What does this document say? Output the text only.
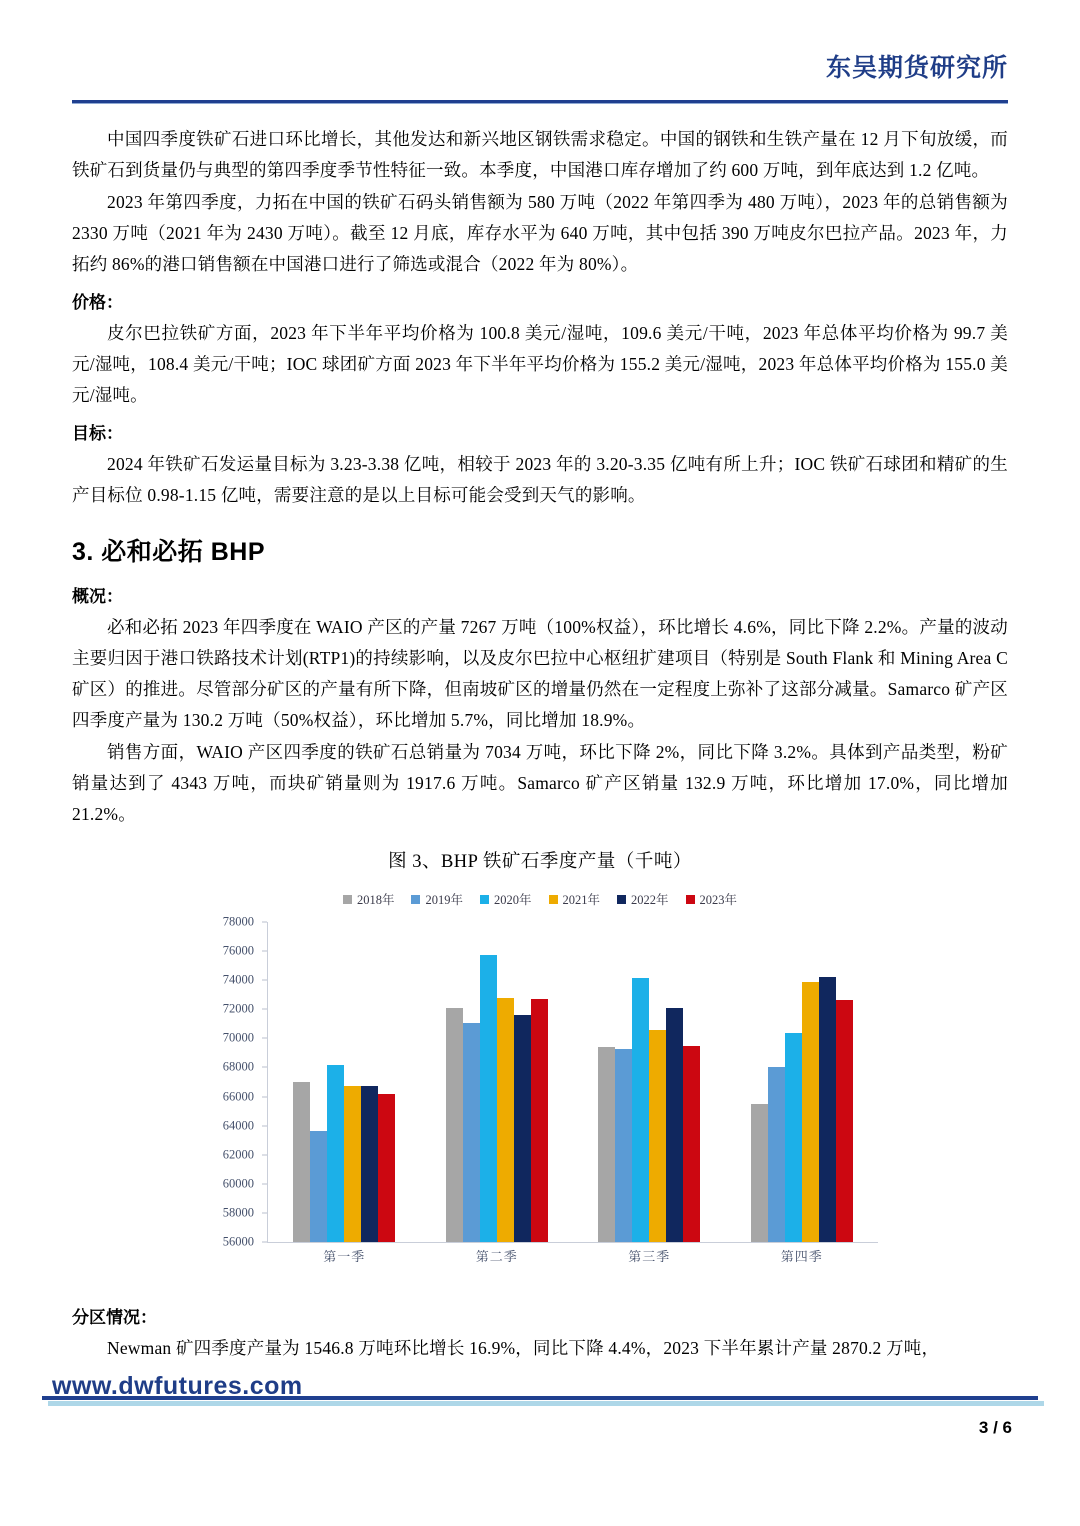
东吴期货研究所

中国四季度铁矿石进口环比增长，其他发达和新兴地区钢铁需求稳定。中国的钢铁和生铁产量在 12 月下旬放缓，而铁矿石到货量仍与典型的第四季度季节性特征一致。本季度，中国港口库存增加了约 600 万吨，到年底达到 1.2 亿吨。

2023 年第四季度，力拓在中国的铁矿石码头销售额为 580 万吨（2022 年第四季为 480 万吨），2023 年的总销售额为 2330 万吨（2021 年为 2430 万吨）。截至 12 月底，库存水平为 640 万吨，其中包括 390 万吨皮尔巴拉产品。2023 年，力拓约 86%的港口销售额在中国港口进行了筛选或混合（2022 年为 80%）。

价格：

皮尔巴拉铁矿方面，2023 年下半年平均价格为 100.8 美元/湿吨，109.6 美元/干吨，2023 年总体平均价格为 99.7 美元/湿吨，108.4 美元/干吨；IOC 球团矿方面 2023 年下半年平均价格为 155.2 美元/湿吨，2023 年总体平均价格为 155.0 美元/湿吨。

目标：

2024 年铁矿石发运量目标为 3.23-3.38 亿吨，相较于 2023 年的 3.20-3.35 亿吨有所上升；IOC 铁矿石球团和精矿的生产目标位 0.98-1.15 亿吨，需要注意的是以上目标可能会受到天气的影响。

3. 必和必拓 BHP
概况：

必和必拓 2023 年四季度在 WAIO 产区的产量 7267 万吨（100%权益），环比增长 4.6%，同比下降 2.2%。产量的波动主要归因于港口铁路技术计划(RTP1)的持续影响，以及皮尔巴拉中心枢纽扩建项目（特别是 South Flank 和 Mining Area C 矿区）的推进。尽管部分矿区的产量有所下降，但南坡矿区的增量仍然在一定程度上弥补了这部分减量。Samarco 矿产区四季度产量为 130.2 万吨（50%权益），环比增加 5.7%，同比增加 18.9%。

销售方面，WAIO 产区四季度的铁矿石总销量为 7034 万吨，环比下降 2%，同比下降 3.2%。具体到产品类型，粉矿销量达到了 4343 万吨，而块矿销量则为 1917.6 万吨。Samarco 矿产区销量 132.9 万吨，环比增加 17.0%，同比增加 21.2%。

图 3、BHP 铁矿石季度产量（千吨）
2018年 2019年 2020年 2021年 2022年 2023年
78000
76000
74000
72000
70000
68000
66000
64000
62000
60000
58000
56000
第一季	第二季	第三季	第四季
分区情况：

Newman 矿四季度产量为 1546.8 万吨环比增长 16.9%，同比下降 4.4%，2023 下半年累计产量 2870.2 万吨，

www.dwfutures.com
3 / 6
